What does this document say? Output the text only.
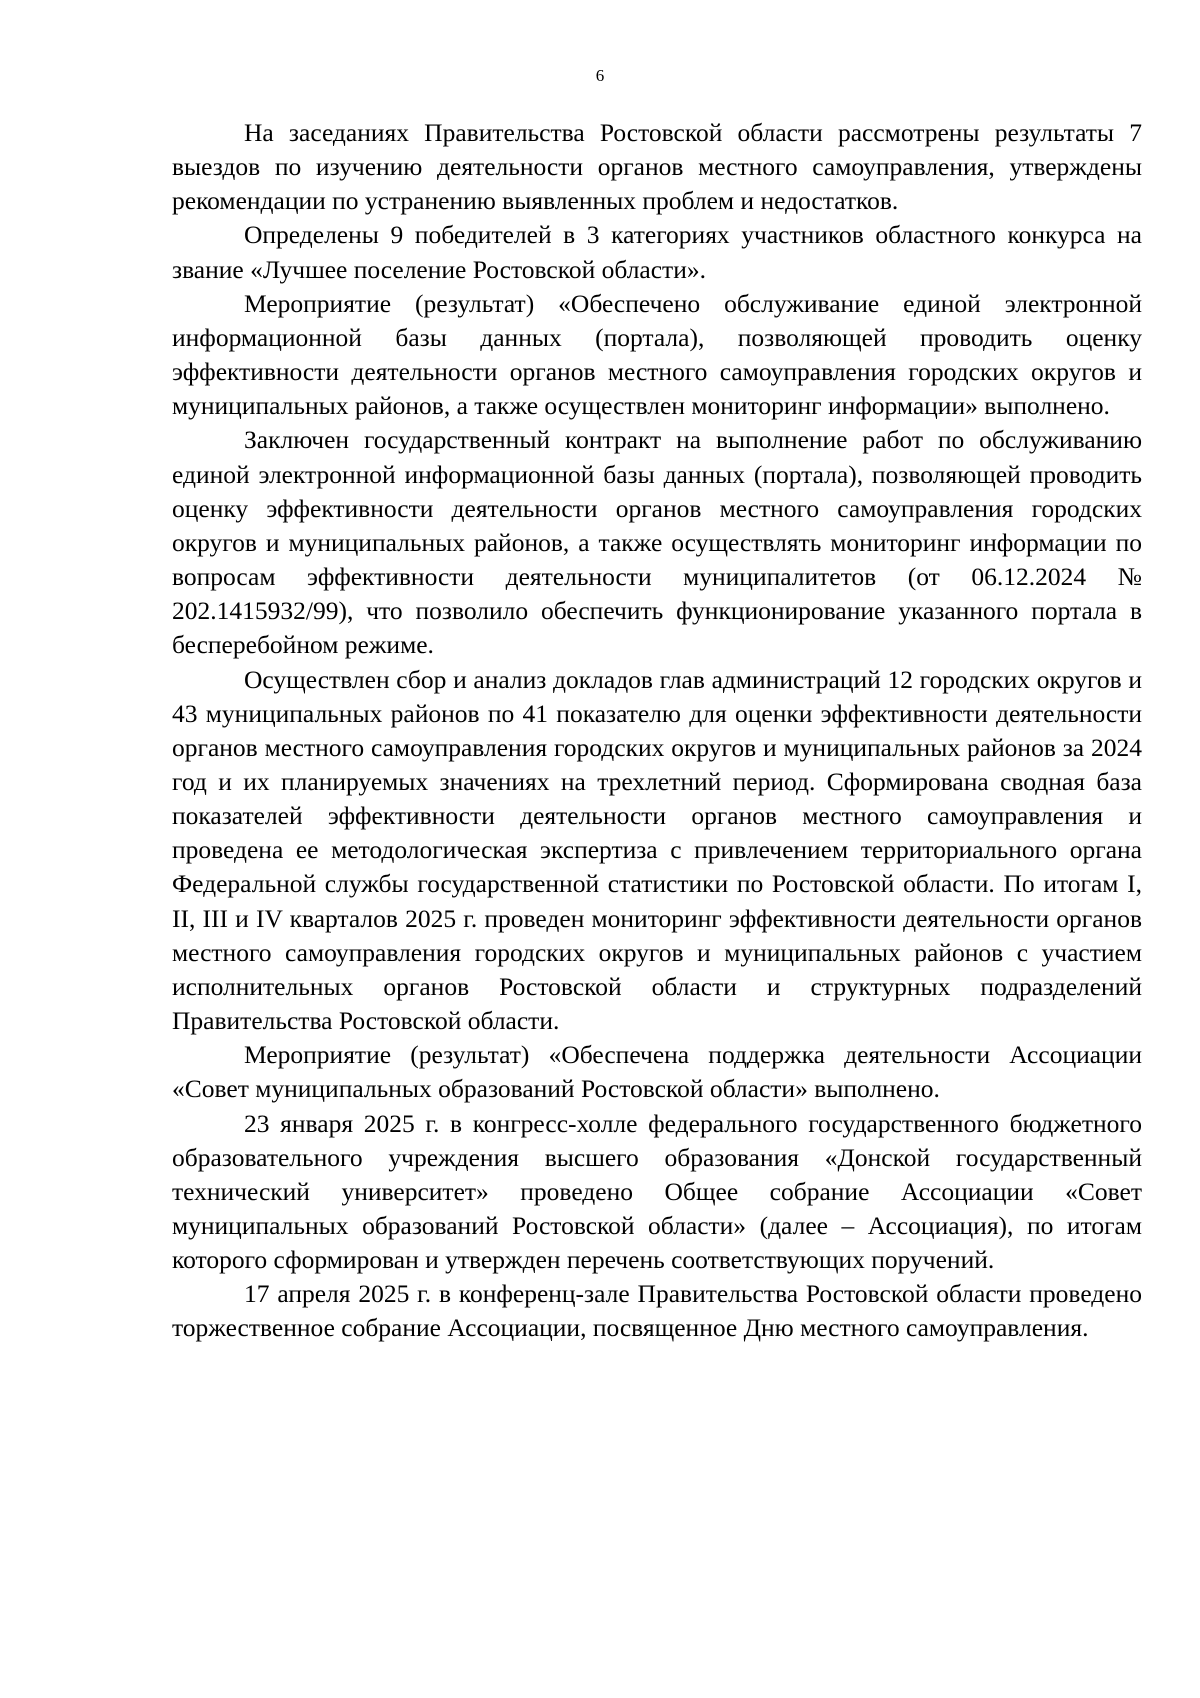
6

На заседаниях Правительства Ростовской области рассмотрены результаты 7 выездов по изучению деятельности органов местного самоуправления, утверждены рекомендации по устранению выявленных проблем и недостатков.

Определены 9 победителей в 3 категориях участников областного конкурса на звание «Лучшее поселение Ростовской области».

Мероприятие (результат) «Обеспечено обслуживание единой электронной информационной базы данных (портала), позволяющей проводить оценку эффективности деятельности органов местного самоуправления городских округов и муниципальных районов, а также осуществлен мониторинг информации» выполнено.

Заключен государственный контракт на выполнение работ по обслуживанию единой электронной информационной базы данных (портала), позволяющей проводить оценку эффективности деятельности органов местного самоуправления городских округов и муниципальных районов, а также осуществлять мониторинг информации по вопросам эффективности деятельности муниципалитетов (от 06.12.2024 № 202.1415932/99), что позволило обеспечить функционирование указанного портала в бесперебойном режиме.

Осуществлен сбор и анализ докладов глав администраций 12 городских округов и 43 муниципальных районов по 41 показателю для оценки эффективности деятельности органов местного самоуправления городских округов и муниципальных районов за 2024 год и их планируемых значениях на трехлетний период. Сформирована сводная база показателей эффективности деятельности органов местного самоуправления и проведена ее методологическая экспертиза с привлечением территориального органа Федеральной службы государственной статистики по Ростовской области. По итогам I, II, III и IV кварталов 2025 г. проведен мониторинг эффективности деятельности органов местного самоуправления городских округов и муниципальных районов с участием исполнительных органов Ростовской области и структурных подразделений Правительства Ростовской области.

Мероприятие (результат) «Обеспечена поддержка деятельности Ассоциации «Совет муниципальных образований Ростовской области» выполнено.

23 января 2025 г. в конгресс-холле федерального государственного бюджетного образовательного учреждения высшего образования «Донской государственный технический университет» проведено Общее собрание Ассоциации «Совет муниципальных образований Ростовской области» (далее – Ассоциация), по итогам которого сформирован и утвержден перечень соответствующих поручений.

17 апреля 2025 г. в конференц-зале Правительства Ростовской области проведено торжественное собрание Ассоциации, посвященное Дню местного самоуправления.
